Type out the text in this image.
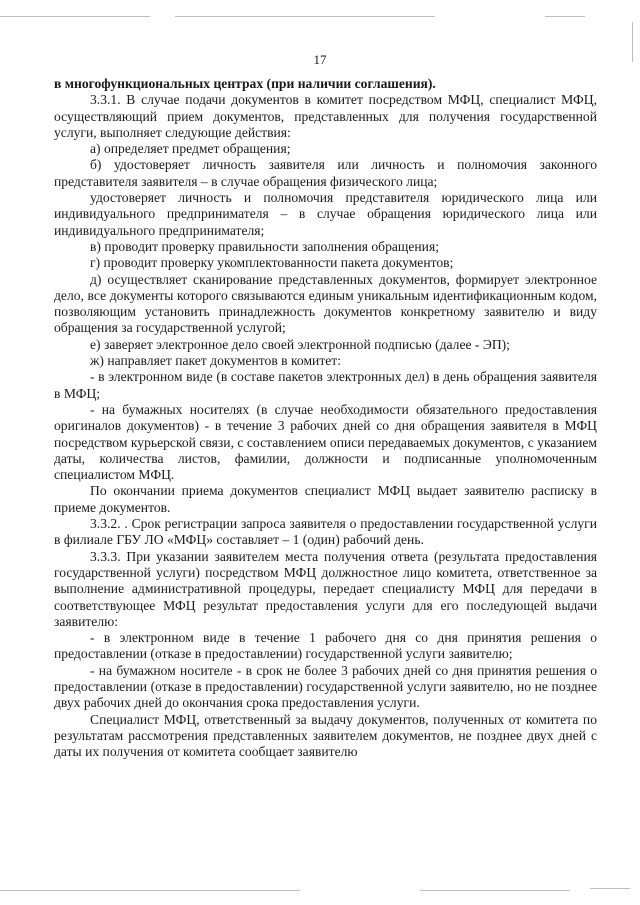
17

в многофункциональных центрах (при наличии соглашения).

3.3.1. В случае подачи документов в комитет посредством МФЦ, специалист МФЦ, осуществляющий прием документов, представленных для получения государственной услуги, выполняет следующие действия:

а) определяет предмет обращения;

б) удостоверяет личность заявителя или личность и полномочия законного представителя заявителя – в случае обращения физического лица;

удостоверяет личность и полномочия представителя юридического лица или индивидуального предпринимателя – в случае обращения юридического лица или индивидуального предпринимателя;

в) проводит проверку правильности заполнения обращения;

г) проводит проверку укомплектованности пакета документов;

д) осуществляет сканирование представленных документов, формирует электронное дело, все документы которого связываются единым уникальным идентификационным кодом, позволяющим установить принадлежность документов конкретному заявителю и виду обращения за государственной услугой;

е) заверяет электронное дело своей электронной подписью (далее - ЭП);

ж) направляет пакет документов в комитет:

- в электронном виде (в составе пакетов электронных дел) в день обращения заявителя в МФЦ;

- на бумажных носителях (в случае необходимости обязательного предоставления оригиналов документов) - в течение 3 рабочих дней со дня обращения заявителя в МФЦ посредством курьерской связи, с составлением описи передаваемых документов, с указанием даты, количества листов, фамилии, должности и подписанные уполномоченным специалистом МФЦ.

По окончании приема документов специалист МФЦ выдает заявителю расписку в приеме документов.

3.3.2. . Срок регистрации запроса заявителя о предоставлении государственной услуги в филиале ГБУ ЛО «МФЦ» составляет – 1 (один) рабочий день.

3.3.3. При указании заявителем места получения ответа (результата предоставления государственной услуги) посредством МФЦ должностное лицо комитета, ответственное за выполнение административной процедуры, передает специалисту МФЦ для передачи в соответствующее МФЦ результат предоставления услуги для его последующей выдачи заявителю:

- в электронном виде в течение 1 рабочего дня со дня принятия решения о предоставлении (отказе в предоставлении) государственной услуги заявителю;

- на бумажном носителе - в срок не более 3 рабочих дней со дня принятия решения о предоставлении (отказе в предоставлении) государственной услуги заявителю, но не позднее двух рабочих дней до окончания срока предоставления услуги.

Специалист МФЦ, ответственный за выдачу документов, полученных от комитета по результатам рассмотрения представленных заявителем документов, не позднее двух дней с даты их получения от комитета сообщает заявителю
